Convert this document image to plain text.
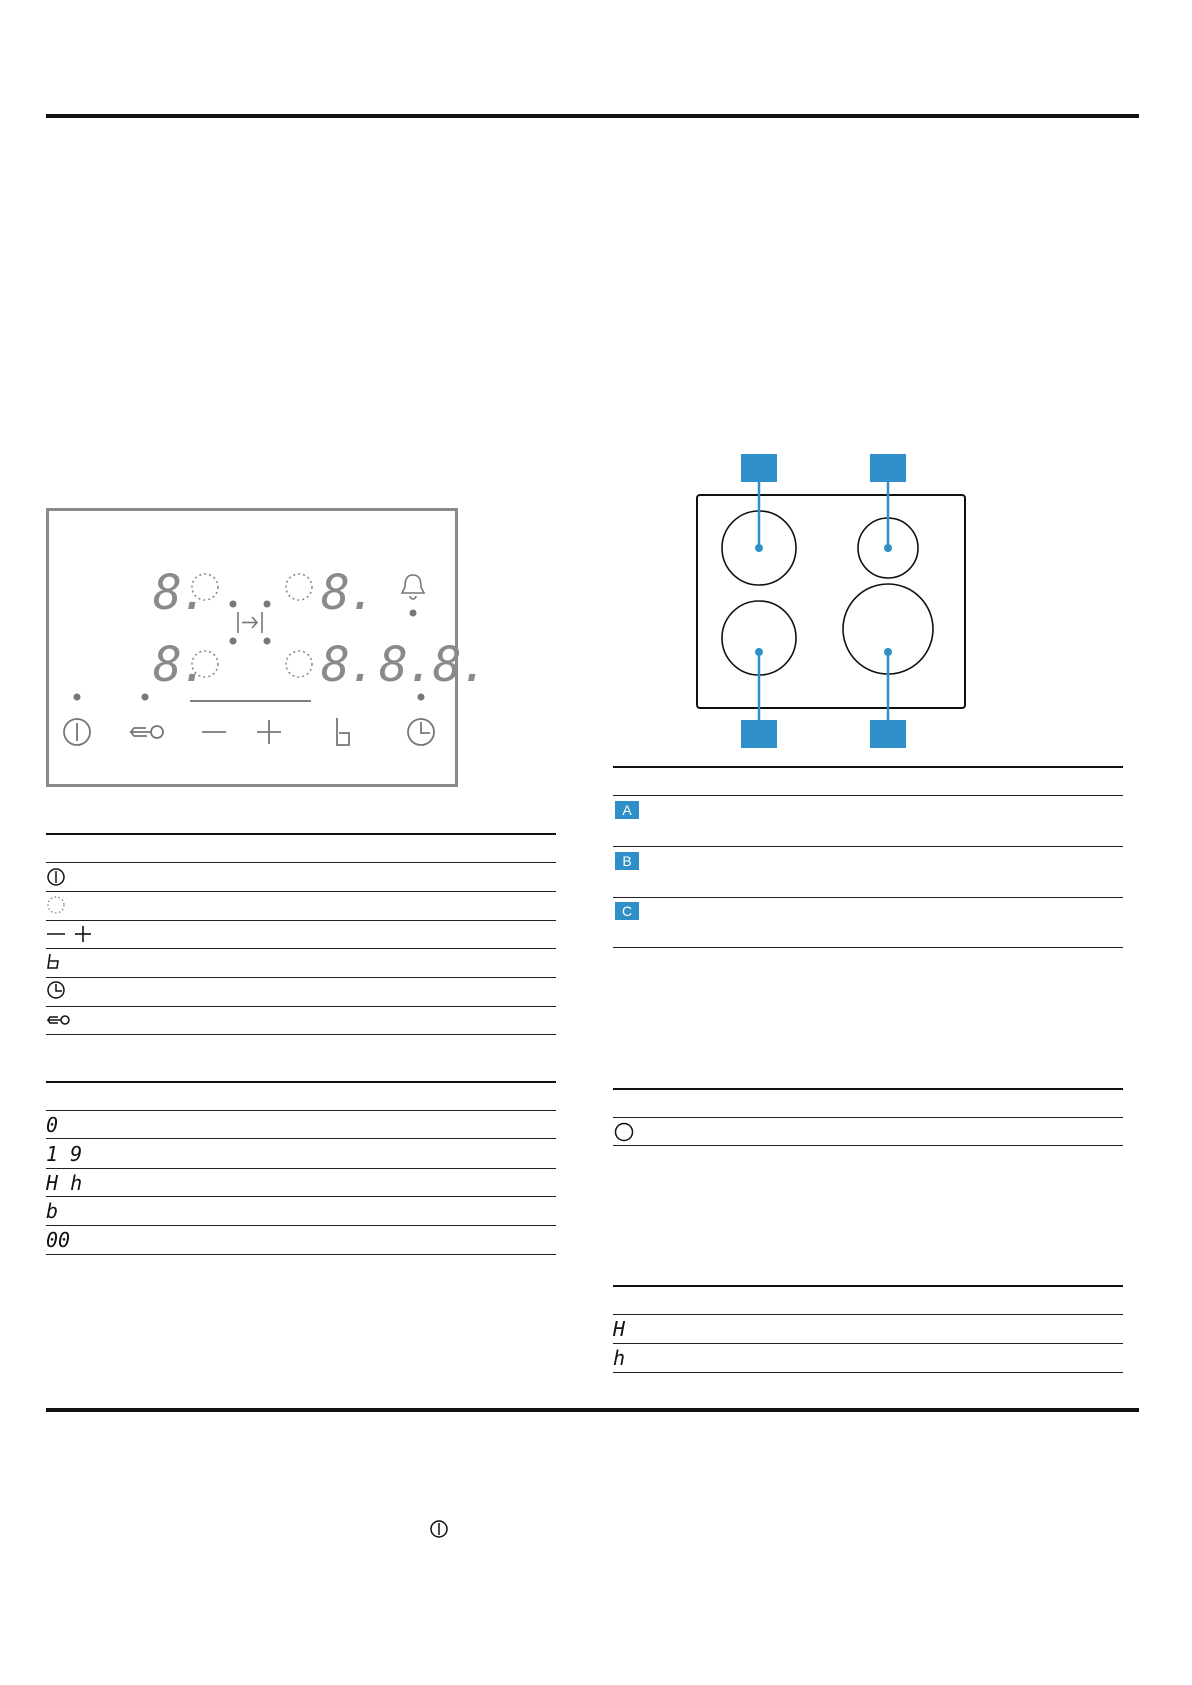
8. 8.
8. 8. 8.8.
0
1 9
H h
b
00
A
B
C
H
h
